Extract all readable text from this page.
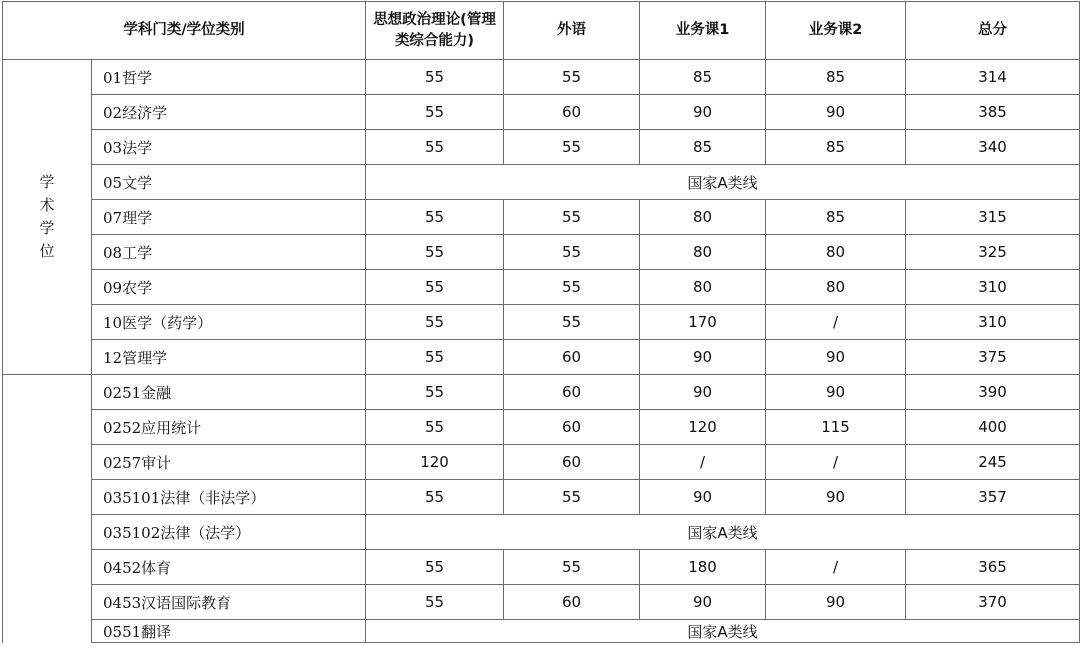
学科门类/学位类别		思想政治理论(管理类综合能力)	外语	业务课1	业务课2	总分
学术学位	01哲学	55	55	85	85	314
	02经济学	55	60	90	90	385
	03法学	55	55	85	85	340
	05文学	国家A类线				
	07理学	55	55	80	85	315
	08工学	55	55	80	80	325
	09农学	55	55	80	80	310
	10医学（药学）	55	55	170	/	310
	12管理学	55	60	90	90	375
	0251金融	55	60	90	90	390
	0252应用统计	55	60	120	115	400
	0257审计	120	60	/	/	245
	035101法律（非法学）	55	55	90	90	357
	035102法律（法学）	国家A类线				
	0452体育	55	55	180	/	365
	0453汉语国际教育	55	60	90	90	370
	0551翻译	国家A类线				
